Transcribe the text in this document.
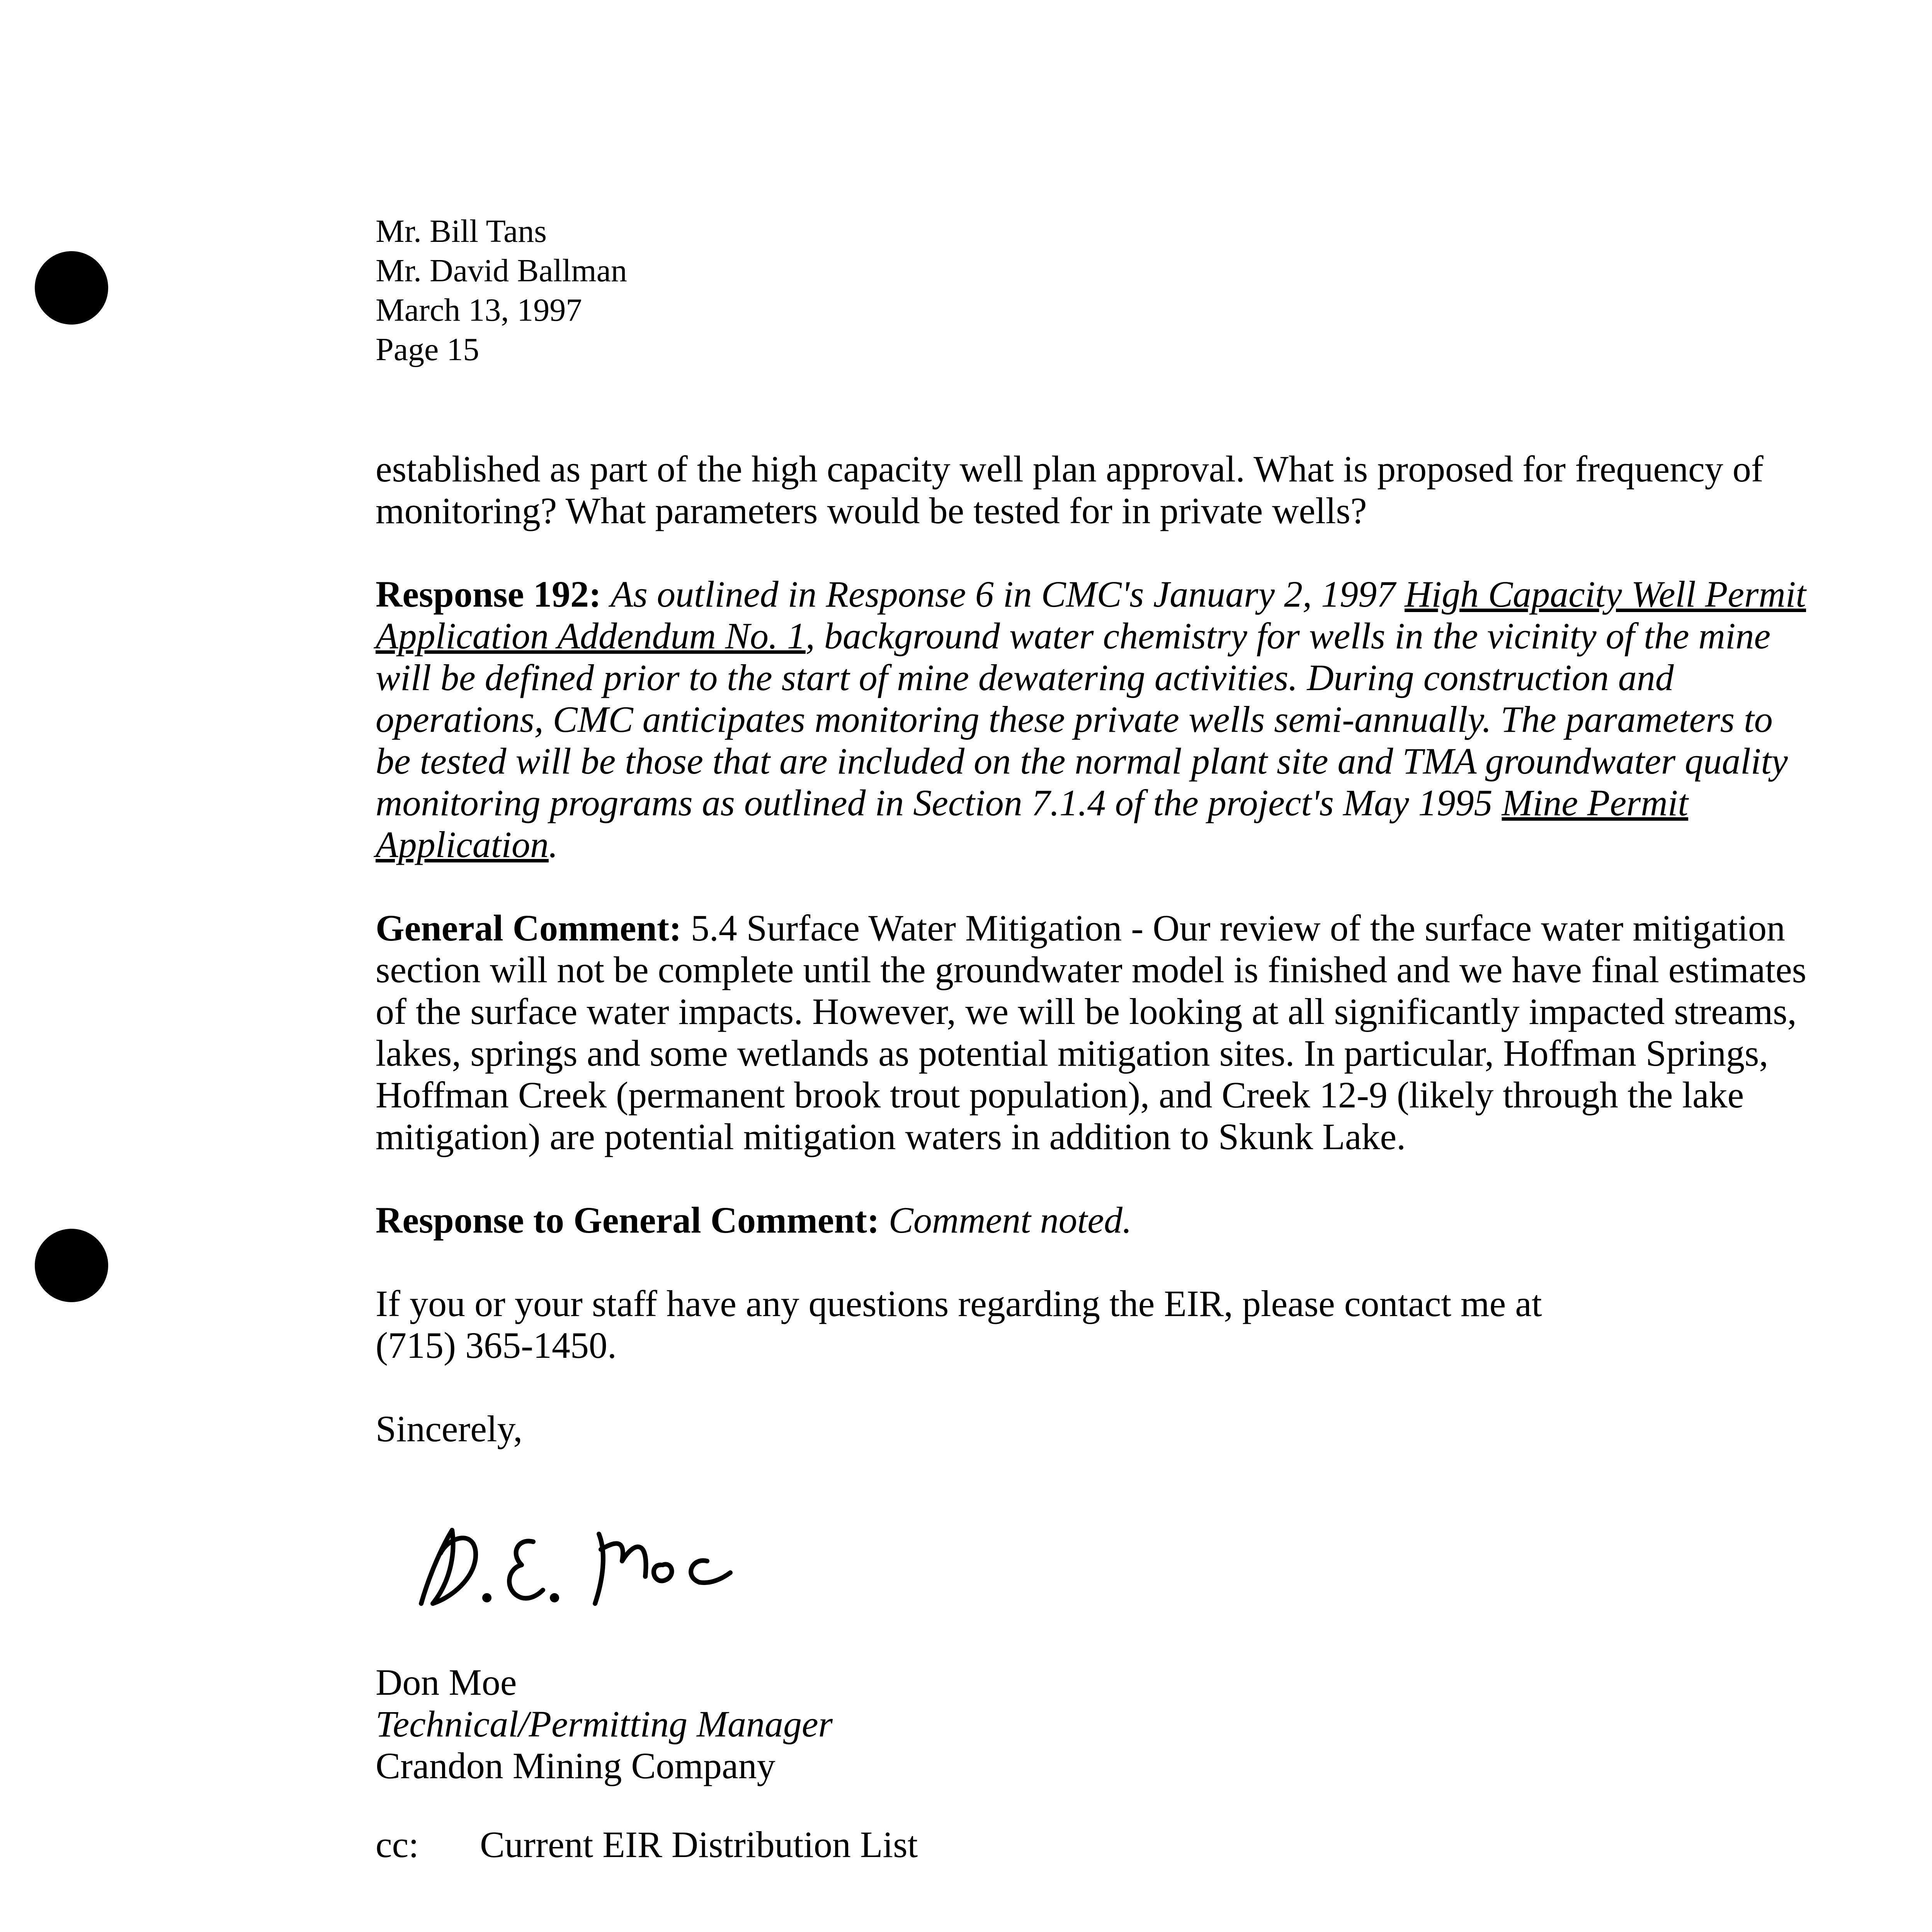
Mr. Bill Tans
Mr. David Ballman
March 13, 1997
Page 15

established as part of the high capacity well plan approval. What is proposed for frequency of monitoring? What parameters would be tested for in private wells?

Response 192: As outlined in Response 6 in CMC's January 2, 1997 High Capacity Well Permit Application Addendum No. 1, background water chemistry for wells in the vicinity of the mine will be defined prior to the start of mine dewatering activities. During construction and operations, CMC anticipates monitoring these private wells semi-annually. The parameters to be tested will be those that are included on the normal plant site and TMA groundwater quality monitoring programs as outlined in Section 7.1.4 of the project's May 1995 Mine Permit Application.

General Comment: 5.4 Surface Water Mitigation - Our review of the surface water mitigation section will not be complete until the groundwater model is finished and we have final estimates of the surface water impacts. However, we will be looking at all significantly impacted streams, lakes, springs and some wetlands as potential mitigation sites. In particular, Hoffman Springs, Hoffman Creek (permanent brook trout population), and Creek 12-9 (likely through the lake mitigation) are potential mitigation waters in addition to Skunk Lake.

Response to General Comment: Comment noted.

If you or your staff have any questions regarding the EIR, please contact me at
(715) 365-1450.

Sincerely,

Don Moe
Technical/Permitting Manager
Crandon Mining Company
cc: Current EIR Distribution List
